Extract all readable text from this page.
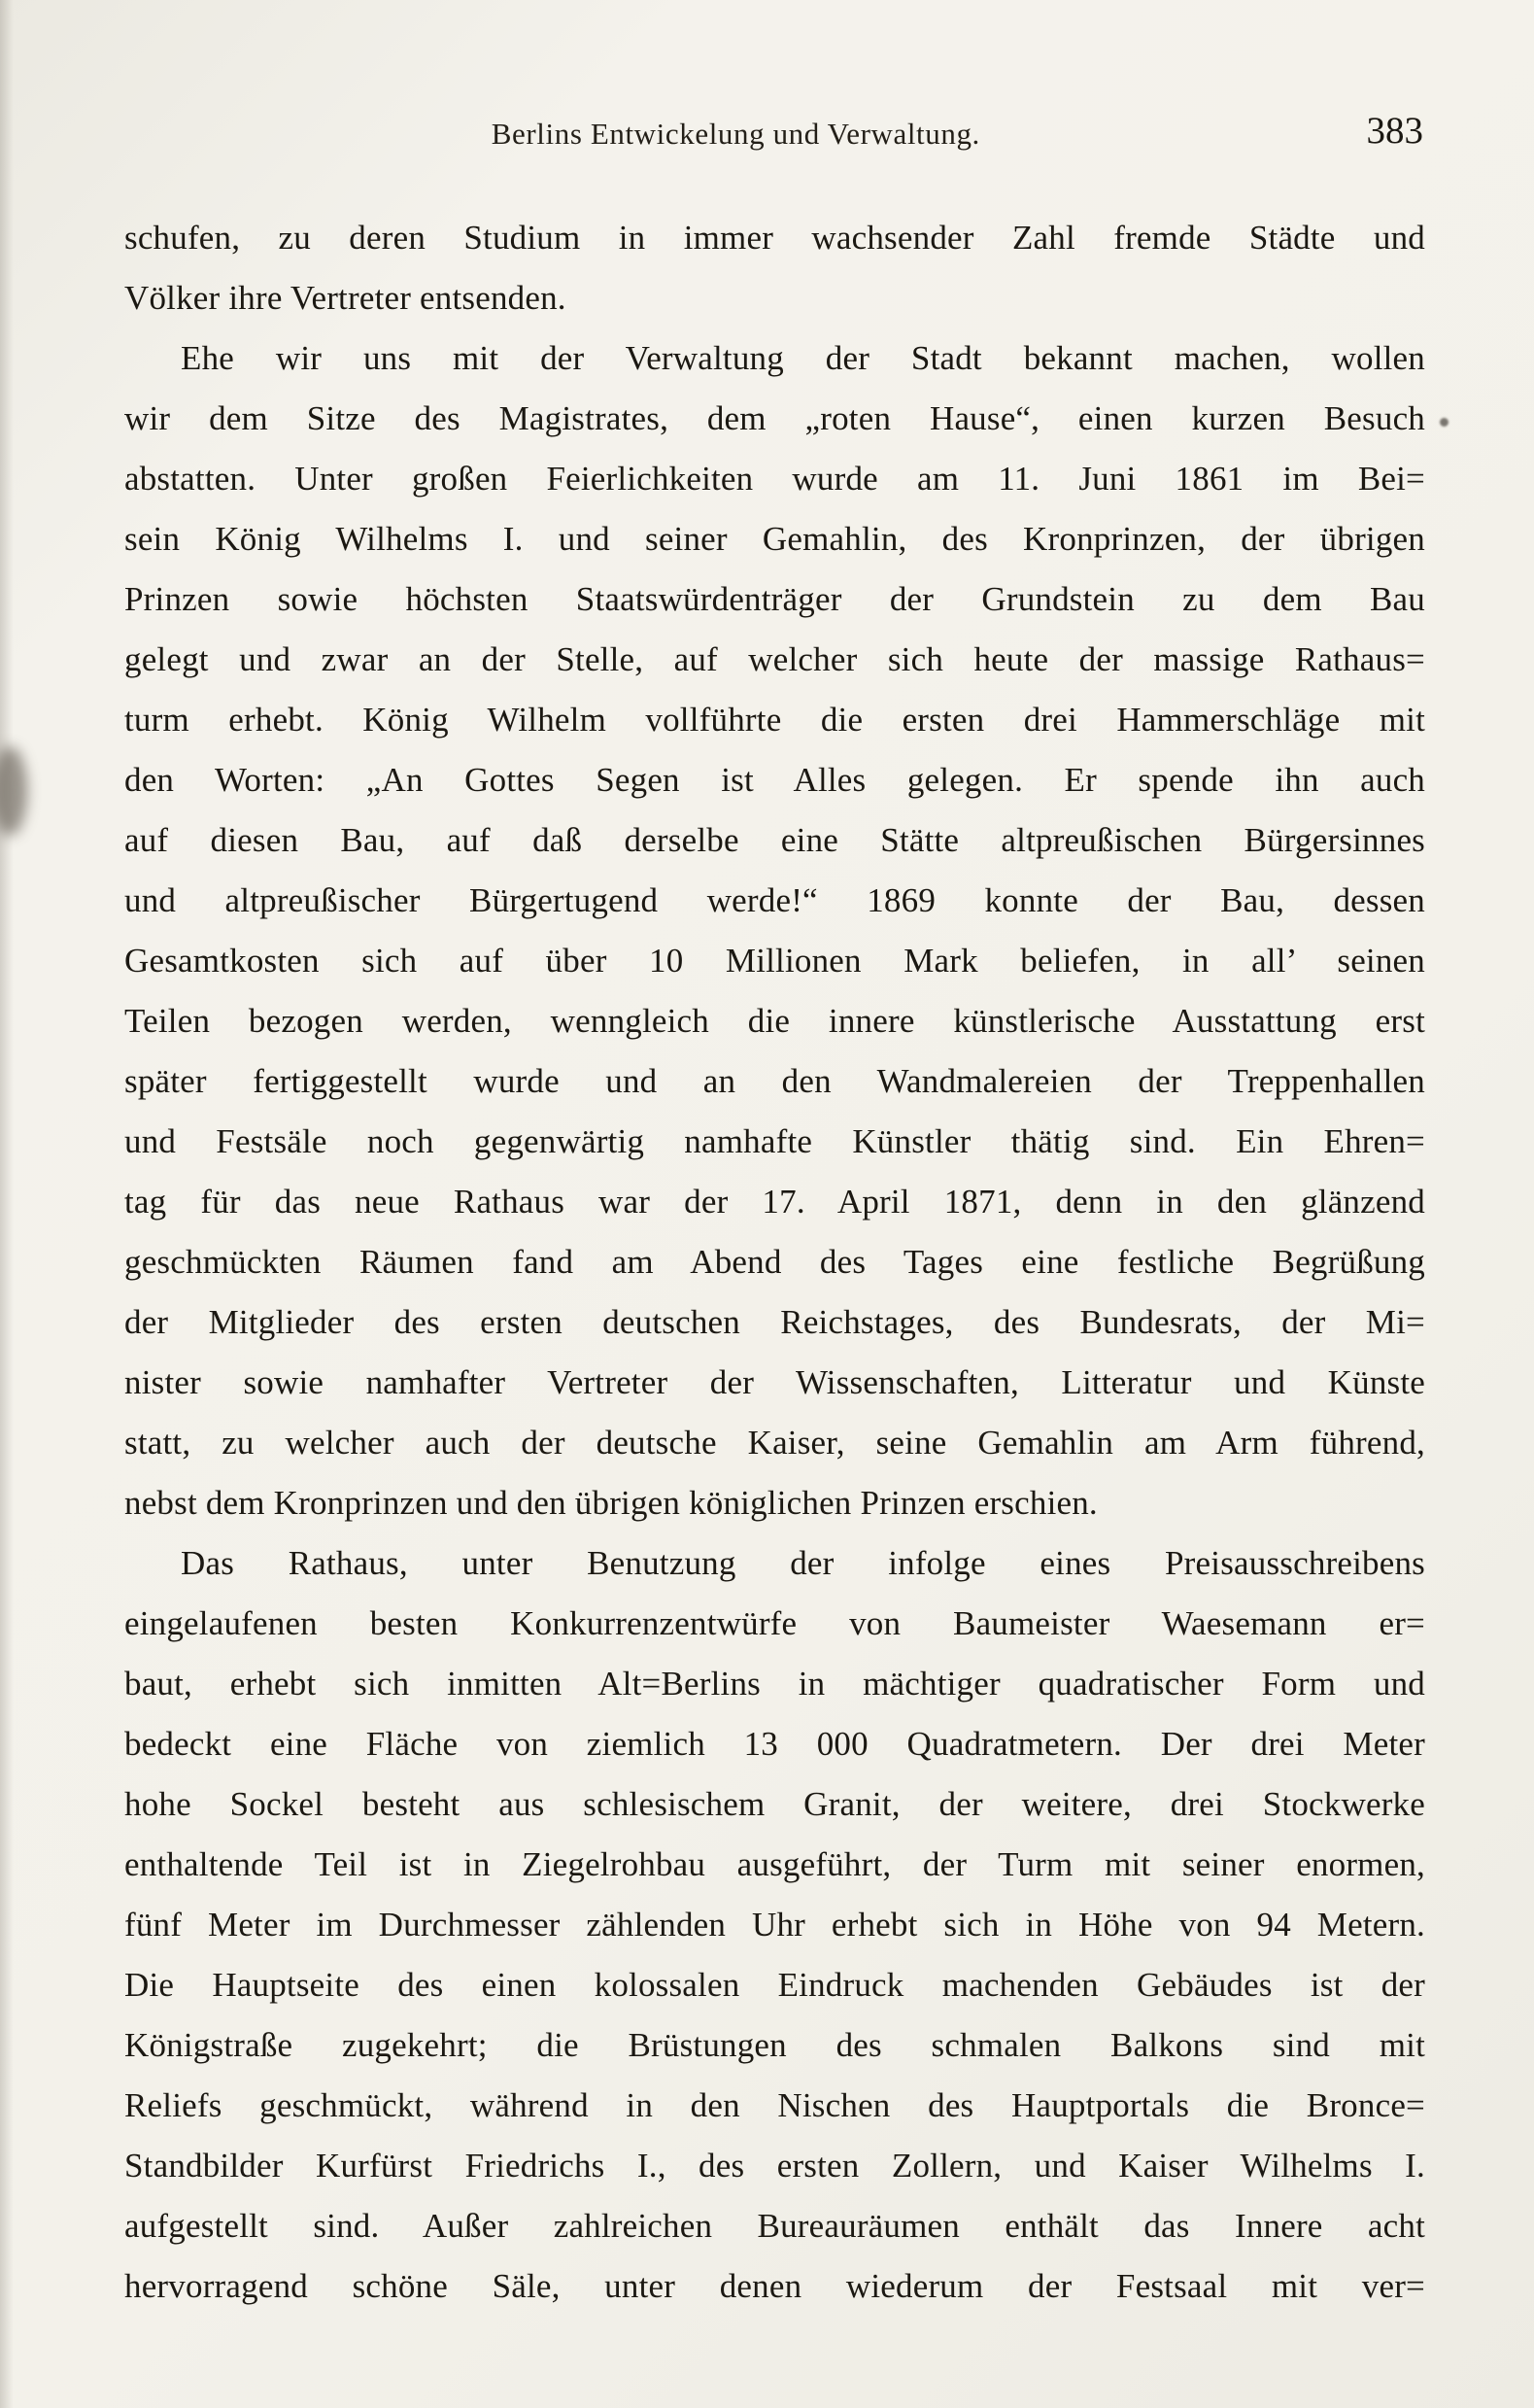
Berlins Entwickelung und Verwaltung.	383
schufen, zu deren Studium in immer wachsender Zahl fremde Städte und
Völker ihre Vertreter entsenden.
Ehe wir uns mit der Verwaltung der Stadt bekannt machen, wollen
wir dem Sitze des Magistrates, dem „roten Hause“, einen kurzen Besuch
abstatten. Unter großen Feierlichkeiten wurde am 11. Juni 1861 im Bei=
sein König Wilhelms I. und seiner Gemahlin, des Kronprinzen, der übrigen
Prinzen sowie höchsten Staatswürdenträger der Grundstein zu dem Bau
gelegt und zwar an der Stelle, auf welcher sich heute der massige Rathaus=
turm erhebt. König Wilhelm vollführte die ersten drei Hammerschläge mit
den Worten: „An Gottes Segen ist Alles gelegen. Er spende ihn auch
auf diesen Bau, auf daß derselbe eine Stätte altpreußischen Bürgersinnes
und altpreußischer Bürgertugend werde!“ 1869 konnte der Bau, dessen
Gesamtkosten sich auf über 10 Millionen Mark beliefen, in all’ seinen
Teilen bezogen werden, wenngleich die innere künstlerische Ausstattung erst
später fertiggestellt wurde und an den Wandmalereien der Treppenhallen
und Festsäle noch gegenwärtig namhafte Künstler thätig sind. Ein Ehren=
tag für das neue Rathaus war der 17. April 1871, denn in den glänzend
geschmückten Räumen fand am Abend des Tages eine festliche Begrüßung
der Mitglieder des ersten deutschen Reichstages, des Bundesrats, der Mi=
nister sowie namhafter Vertreter der Wissenschaften, Litteratur und Künste
statt, zu welcher auch der deutsche Kaiser, seine Gemahlin am Arm führend,
nebst dem Kronprinzen und den übrigen königlichen Prinzen erschien.
Das Rathaus, unter Benutzung der infolge eines Preisausschreibens
eingelaufenen besten Konkurrenzentwürfe von Baumeister Waesemann er=
baut, erhebt sich inmitten Alt=Berlins in mächtiger quadratischer Form und
bedeckt eine Fläche von ziemlich 13 000 Quadratmetern. Der drei Meter
hohe Sockel besteht aus schlesischem Granit, der weitere, drei Stockwerke
enthaltende Teil ist in Ziegelrohbau ausgeführt, der Turm mit seiner enormen,
fünf Meter im Durchmesser zählenden Uhr erhebt sich in Höhe von 94 Metern.
Die Hauptseite des einen kolossalen Eindruck machenden Gebäudes ist der
Königstraße zugekehrt; die Brüstungen des schmalen Balkons sind mit
Reliefs geschmückt, während in den Nischen des Hauptportals die Bronce=
Standbilder Kurfürst Friedrichs I., des ersten Zollern, und Kaiser Wilhelms I.
aufgestellt sind. Außer zahlreichen Bureauräumen enthält das Innere acht
hervorragend schöne Säle, unter denen wiederum der Festsaal mit ver=
